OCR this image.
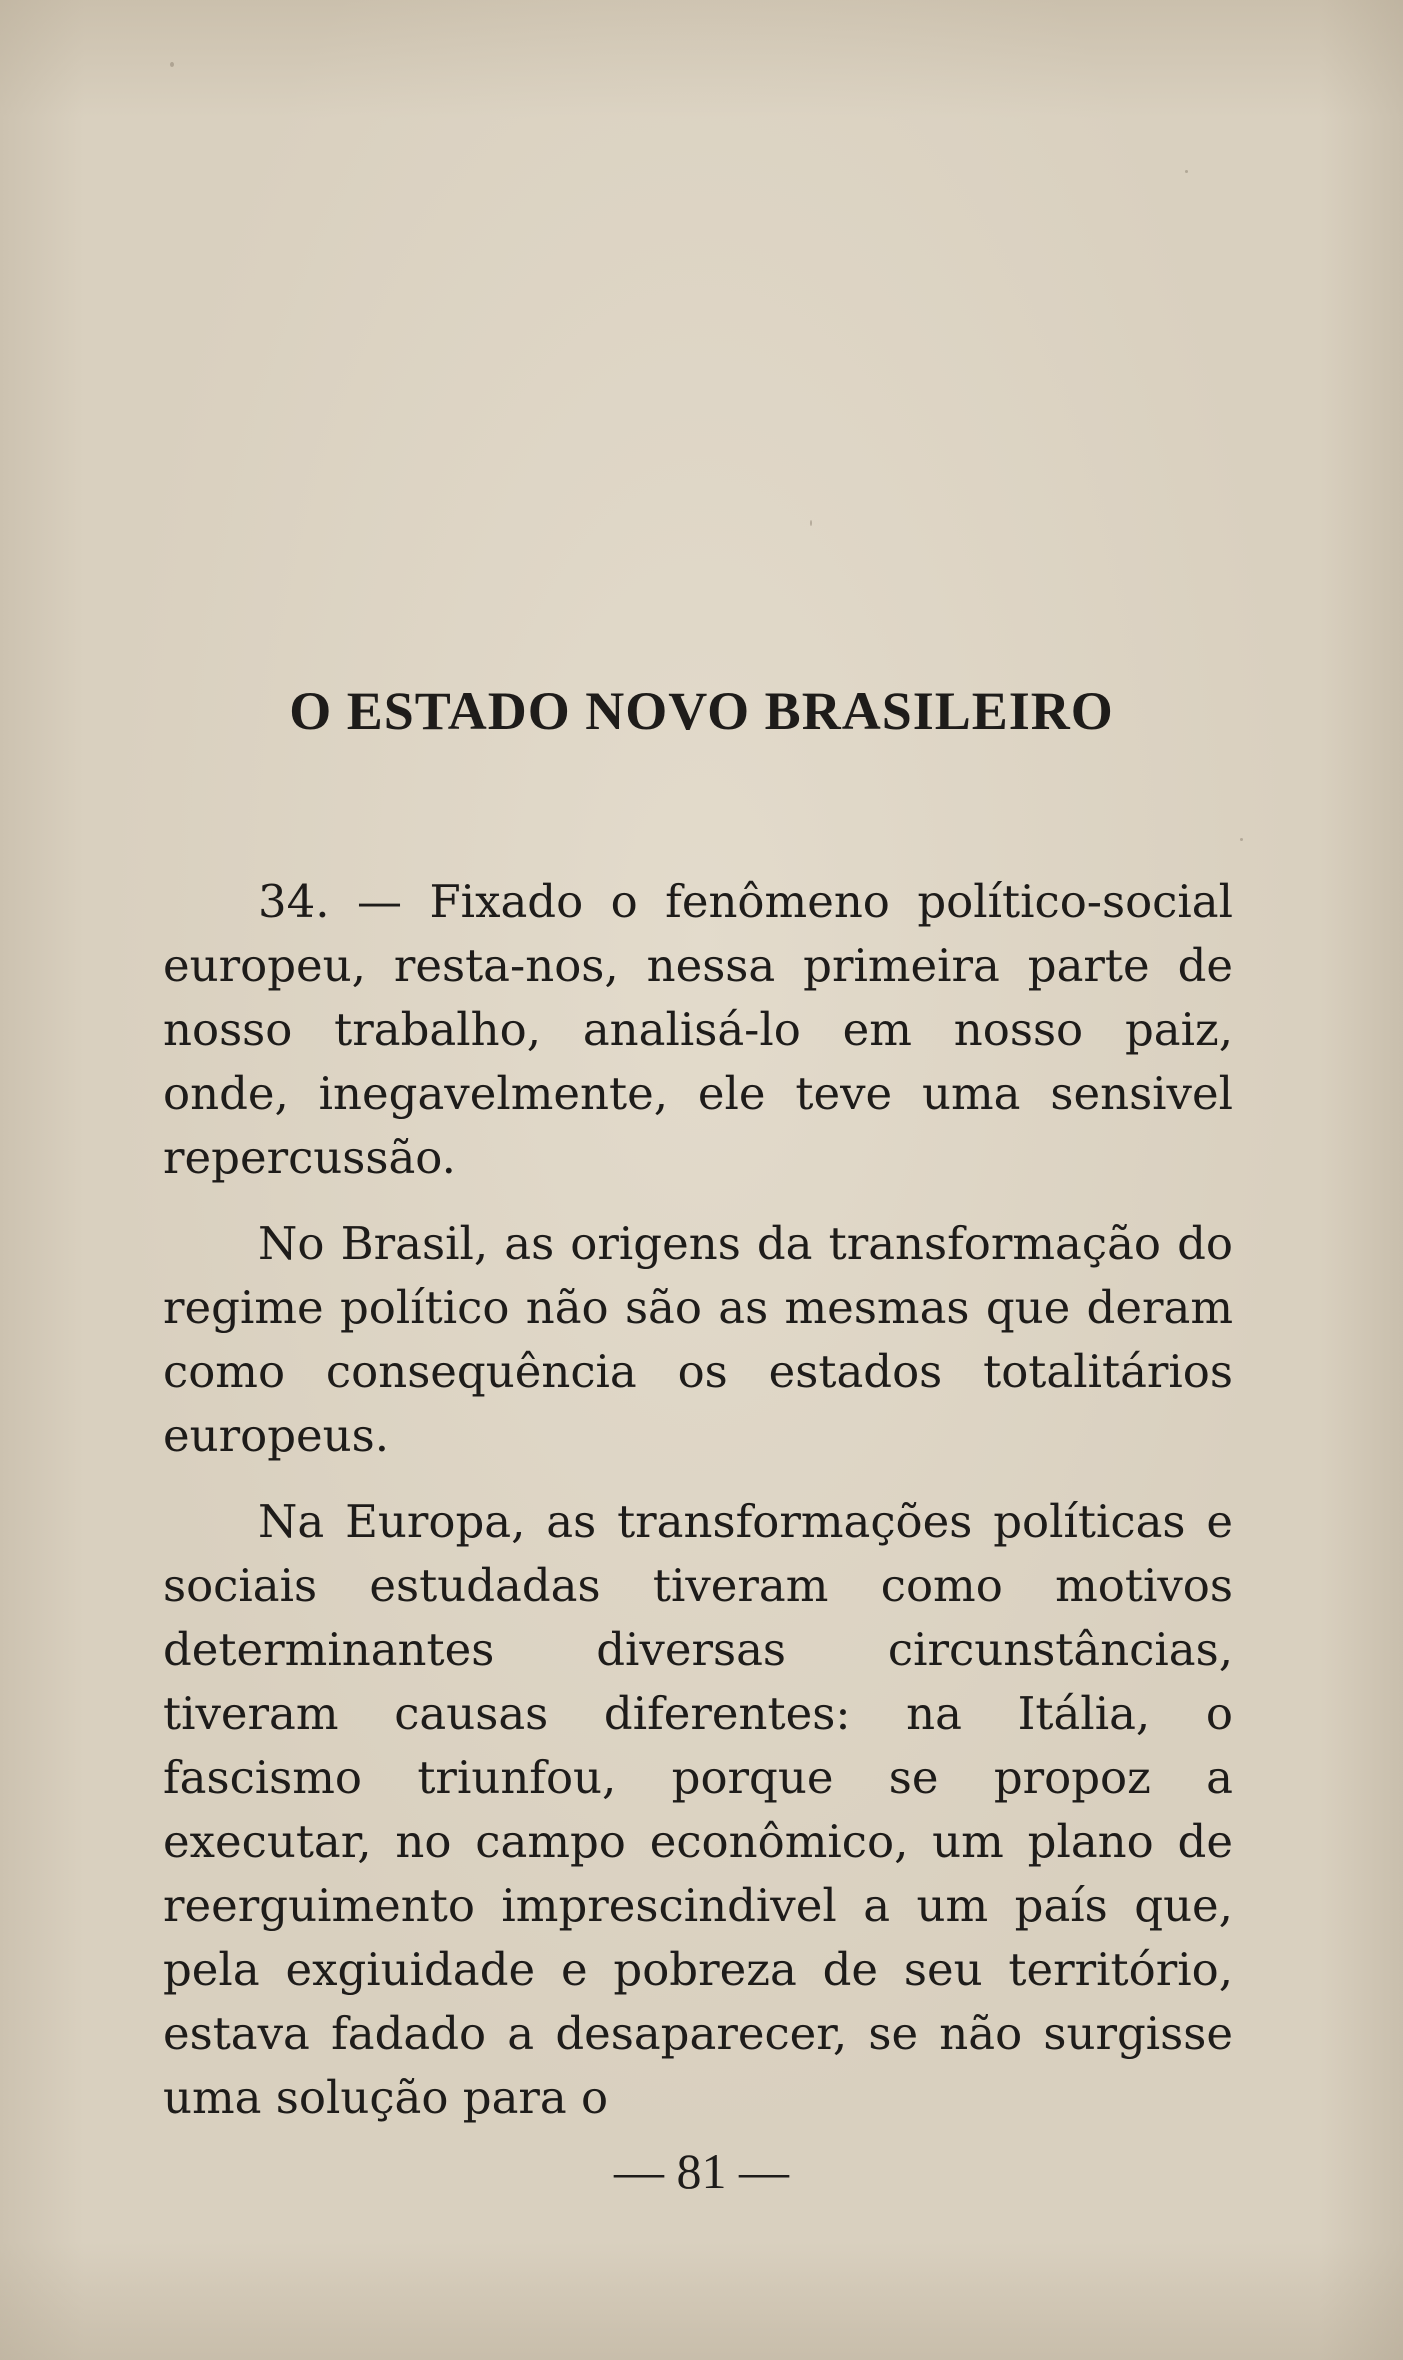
O ESTADO NOVO BRASILEIRO

34. — Fixado o fenômeno político-social europeu, resta-nos, nessa primeira parte de nosso trabalho, analisá-lo em nosso paiz, onde, inegavelmente, ele teve uma sensivel repercussão.

No Brasil, as origens da transformação do regime político não são as mesmas que deram como consequência os estados totalitários europeus.

Na Europa, as transformações políticas e sociais estudadas tiveram como motivos determinantes diversas circunstâncias, tiveram causas diferentes: na Itália, o fascismo triunfou, porque se propoz a executar, no campo econômico, um plano de reerguimento imprescindivel a um país que, pela exgiuidade e pobreza de seu território, estava fadado a desaparecer, se não surgisse uma solução para o

— 81 —
